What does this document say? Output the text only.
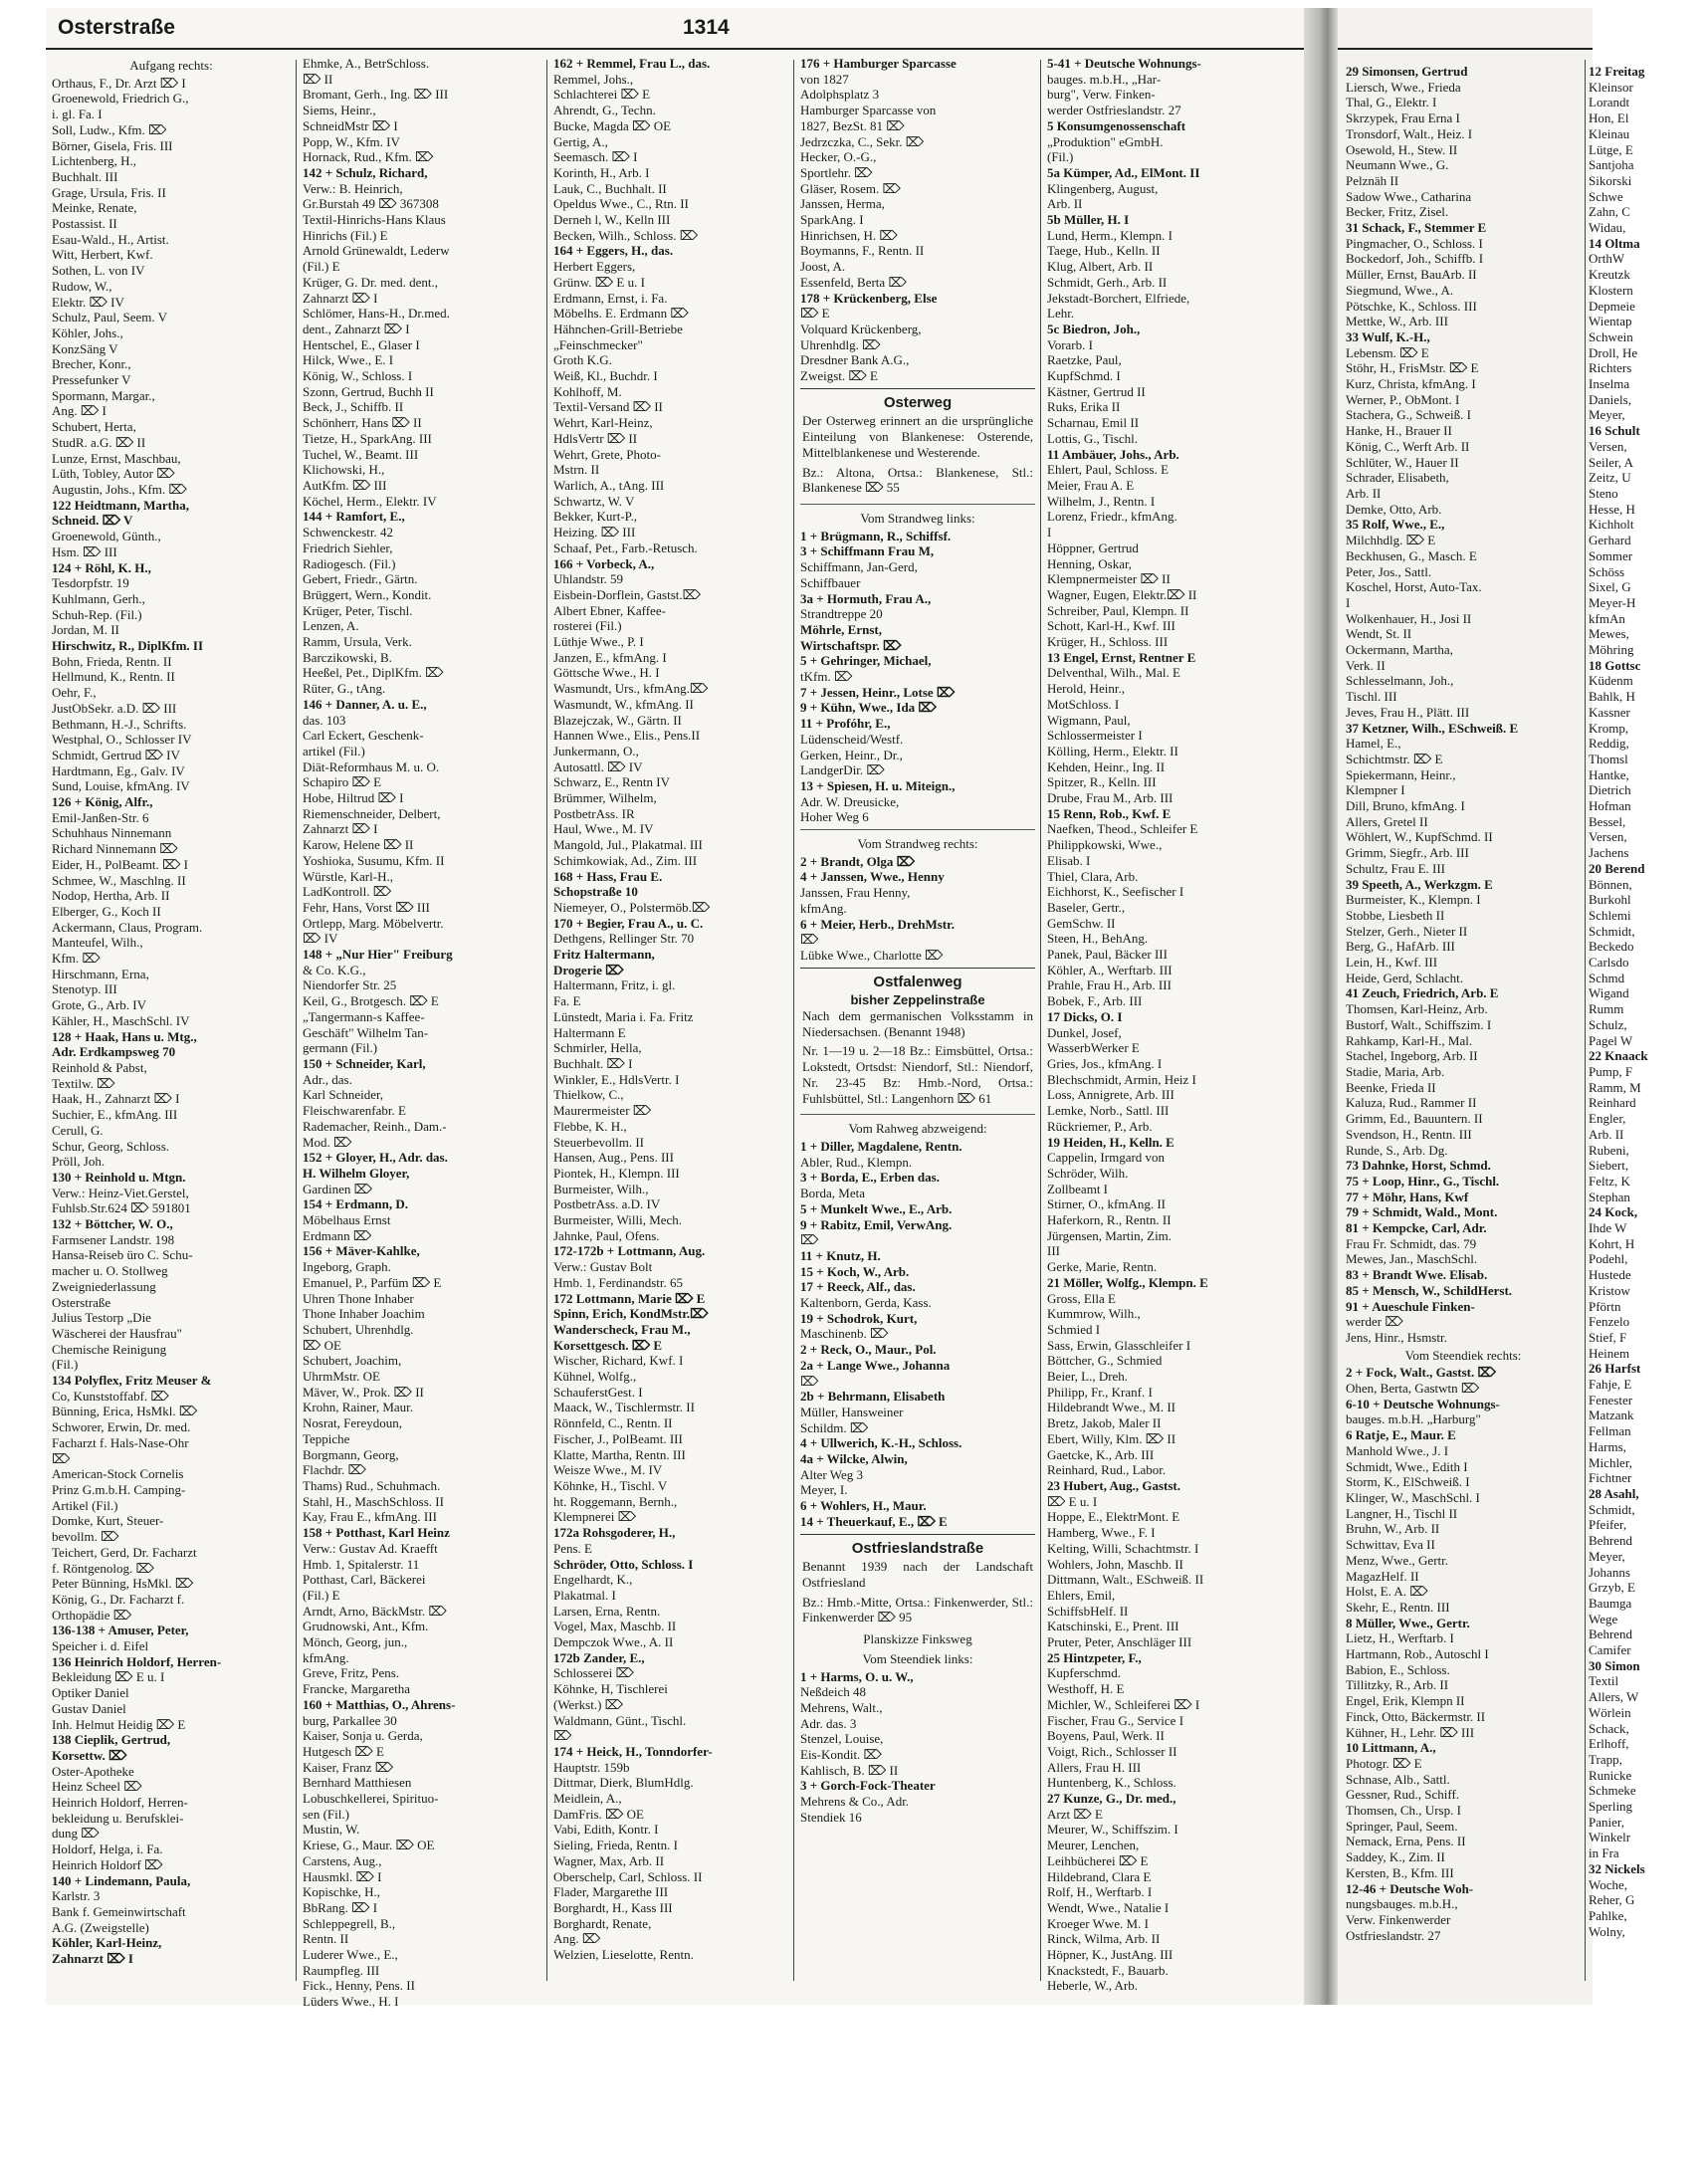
Osterstraße	1314
Aufgang rechts:
Orthaus, F., Dr. Arzt ⌦ I
Groenewold, Friedrich G.,
i. gl. Fa. I
Soll, Ludw., Kfm. ⌦
Börner, Gisela, Fris. III
Lichtenberg, H.,
Buchhalt. III
Grage, Ursula, Fris. II
Meinke, Renate,
Postassist. II
Esau-Wald., H., Artist.
Witt, Herbert, Kwf.
Sothen, L. von IV
Rudow, W.,
Elektr. ⌦ IV
Schulz, Paul, Seem. V
Köhler, Johs.,
KonzSäng V
Brecher, Konr.,
Pressefunker V
Spormann, Margar.,
Ang. ⌦ I
Schubert, Herta,
StudR. a.G. ⌦ II
Lunze, Ernst, Maschbau,
Lüth, Tobley, Autor ⌦
Augustin, Johs., Kfm. ⌦
122 Heidtmann, Martha,
Schneid. ⌦ V
Groenewold, Günth.,
Hsm. ⌦ III
124 + Röhl, K. H.,
Tesdorpfstr. 19
Kuhlmann, Gerh.,
Schuh-Rep. (Fil.)
Jordan, M. II
Hirschwitz, R., DiplKfm. II
Bohn, Frieda, Rentn. II
Hellmund, K., Rentn. II
Oehr, F.,
JustObSekr. a.D. ⌦ III
Bethmann, H.-J., Schrifts.
Westphal, O., Schlosser IV
Schmidt, Gertrud ⌦ IV
Hardtmann, Eg., Galv. IV
Sund, Louise, kfmAng. IV
126 + König, Alfr.,
Emil-Janßen-Str. 6
Schuhhaus Ninnemann
Richard Ninnemann ⌦
Eider, H., PolBeamt. ⌦ I
Schmee, W., Maschlng. II
Nodop, Hertha, Arb. II
Elberger, G., Koch II
Ackermann, Claus, Program.
Manteufel, Wilh.,
Kfm. ⌦
Hirschmann, Erna,
Stenotyp. III
Grote, G., Arb. IV
Kähler, H., MaschSchl. IV
128 + Haak, Hans u. Mtg.,
Adr. Erdkampsweg 70
Reinhold & Pabst,
Textilw. ⌦
Haak, H., Zahnarzt ⌦ I
Suchier, E., kfmAng. III
Cerull, G.
Schur, Georg, Schloss.
Pröll, Joh.
130 + Reinhold u. Mtgn.
Verw.: Heinz-Viet.Gerstel,
Fuhlsb.Str.624 ⌦ 591801
132 + Böttcher, W. O.,
Farmsener Landstr. 198
Hansa-Reiseb üro C. Schu-
macher u. O. Stollweg
Zweigniederlassung
Osterstraße
Julius Testorp „Die
Wäscherei der Hausfrau"
Chemische Reinigung
(Fil.)
134 Polyflex, Fritz Meuser &
Co, Kunststoffabf. ⌦
Bünning, Erica, HsMkl. ⌦
Schworer, Erwin, Dr. med.
Facharzt f. Hals-Nase-Ohr
⌦
American-Stock Cornelis
Prinz G.m.b.H. Camping-
Artikel (Fil.)
Domke, Kurt, Steuer-
bevollm. ⌦
Teichert, Gerd, Dr. Facharzt
f. Röntgenolog. ⌦
Peter Bünning, HsMkl. ⌦
König, G., Dr. Facharzt f.
Orthopädie ⌦
136-138 + Amuser, Peter,
Speicher i. d. Eifel
136 Heinrich Holdorf, Herren-
Bekleidung ⌦ E u. I
Optiker Daniel
Gustav Daniel
Inh. Helmut Heidig ⌦ E
138 Cieplik, Gertrud,
Korsettw. ⌦
Oster-Apotheke
Heinz Scheel ⌦
Heinrich Holdorf, Herren-
bekleidung u. Berufsklei-
dung ⌦
Holdorf, Helga, i. Fa.
Heinrich Holdorf ⌦
140 + Lindemann, Paula,
Karlstr. 3
Bank f. Gemeinwirtschaft
A.G. (Zweigstelle)
Köhler, Karl-Heinz,
Zahnarzt ⌦ I
Ehmke, A., BetrSchloss.
⌦ II
Bromant, Gerh., Ing. ⌦ III
Siems, Heinr.,
SchneidMstr ⌦ I
Popp, W., Kfm. IV
Hornack, Rud., Kfm. ⌦
142 + Schulz, Richard,
Verw.: B. Heinrich,
Gr.Burstah 49 ⌦ 367308
Textil-Hinrichs-Hans Klaus
Hinrichs (Fil.) E
Arnold Grünewaldt, Lederw
(Fil.) E
Krüger, G. Dr. med. dent.,
Zahnarzt ⌦ I
Schlömer, Hans-H., Dr.med.
dent., Zahnarzt ⌦ I
Hentschel, E., Glaser I
Hilck, Wwe., E. I
König, W., Schloss. I
Szonn, Gertrud, Buchh II
Beck, J., Schiffb. II
Schönherr, Hans ⌦ II
Tietze, H., SparkAng. III
Tuchel, W., Beamt. III
Klichowski, H.,
AutKfm. ⌦ III
Köchel, Herm., Elektr. IV
144 + Ramfort, E.,
Schwenckestr. 42
Friedrich Siehler,
Radiogesch. (Fil.)
Gebert, Friedr., Gärtn.
Brüggert, Wern., Kondit.
Krüger, Peter, Tischl.
Lenzen, A.
Ramm, Ursula, Verk.
Barczikowski, B.
Heeßel, Pet., DiplKfm. ⌦
Rüter, G., tAng.
146 + Danner, A. u. E.,
das. 103
Carl Eckert, Geschenk-
artikel (Fil.)
Diät-Reformhaus M. u. O.
Schapiro ⌦ E
Hobe, Hiltrud ⌦ I
Riemenschneider, Delbert,
Zahnarzt ⌦ I
Karow, Helene ⌦ II
Yoshioka, Susumu, Kfm. II
Würstle, Karl-H.,
LadKontroll. ⌦
Fehr, Hans, Vorst ⌦ III
Ortlepp, Marg. Möbelvertr.
⌦ IV
148 + „Nur Hier" Freiburg
& Co. K.G.,
Niendorfer Str. 25
Keil, G., Brotgesch. ⌦ E
„Tangermann-s Kaffee-
Geschäft" Wilhelm Tan-
germann (Fil.)
150 + Schneider, Karl,
Adr., das.
Karl Schneider,
Fleischwarenfabr. E
Rademacher, Reinh., Dam.-
Mod. ⌦
152 + Gloyer, H., Adr. das.
H. Wilhelm Gloyer,
Gardinen ⌦
154 + Erdmann, D.
Möbelhaus Ernst
Erdmann ⌦
156 + Mäver-Kahlke,
Ingeborg, Graph.
Emanuel, P., Parfüm ⌦ E
Uhren Thone Inhaber
Thone Inhaber Joachim
Schubert, Uhrenhdlg.
⌦ OE
Schubert, Joachim,
UhrmMstr. OE
Mäver, W., Prok. ⌦ II
Krohn, Rainer, Maur.
Nosrat, Fereydoun,
Teppiche
Borgmann, Georg,
Flachdr. ⌦
Thams) Rud., Schuhmach.
Stahl, H., MaschSchloss. II
Kay, Frau E., kfmAng. III
158 + Potthast, Karl Heinz
Verw.: Gustav Ad. Kraefft
Hmb. 1, Spitalerstr. 11
Potthast, Carl, Bäckerei
(Fil.) E
Arndt, Arno, BäckMstr. ⌦
Grudnowski, Ant., Kfm.
Mönch, Georg, jun.,
kfmAng.
Greve, Fritz, Pens.
Francke, Margaretha
160 + Matthias, O., Ahrens-
burg, Parkallee 30
Kaiser, Sonja u. Gerda,
Hutgesch ⌦ E
Kaiser, Franz ⌦
Bernhard Matthiesen
Lobuschkellerei, Spirituo-
sen (Fil.)
Mustin, W.
Kriese, G., Maur. ⌦ OE
Carstens, Aug.,
Hausmkl. ⌦ I
Kopischke, H.,
BbRang. ⌦ I
Schleppegrell, B.,
Rentn. II
Luderer Wwe., E.,
Raumpfleg. III
Fick., Henny, Pens. II
Lüders Wwe., H. I
162 + Remmel, Frau L., das.
Remmel, Johs.,
Schlachterei ⌦ E
Ahrendt, G., Techn.
Bucke, Magda ⌦ OE
Gertig, A.,
Seemasch. ⌦ I
Korinth, H., Arb. I
Lauk, C., Buchhalt. II
Opeldus Wwe., C., Rtn. II
Derneh l, W., Kelln III
Becken, Wilh., Schloss. ⌦
164 + Eggers, H., das.
Herbert Eggers,
Grünw. ⌦ E u. I
Erdmann, Ernst, i. Fa.
Möbelhs. E. Erdmann ⌦
Hähnchen-Grill-Betriebe
„Feinschmecker"
Groth K.G.
Weiß, Kl., Buchdr. I
Kohlhoff, M.
Textil-Versand ⌦ II
Wehrt, Karl-Heinz,
HdlsVertr ⌦ II
Wehrt, Grete, Photo-
Mstrn. II
Warlich, A., tAng. III
Schwartz, W. V
Bekker, Kurt-P.,
Heizing. ⌦ III
Schaaf, Pet., Farb.-Retusch.
166 + Vorbeck, A.,
Uhlandstr. 59
Eisbein-Dorflein, Gastst.⌦
Albert Ebner, Kaffee-
rosterei (Fil.)
Lüthje Wwe., P. I
Janzen, E., kfmAng. I
Göttsche Wwe., H. I
Wasmundt, Urs., kfmAng.⌦
Wasmundt, W., kfmAng. II
Blazejczak, W., Gärtn. II
Hannen Wwe., Elis., Pens.II
Junkermann, O.,
Autosattl. ⌦ IV
Schwarz, E., Rentn IV
Brümmer, Wilhelm,
PostbetrAss. IR
Haul, Wwe., M. IV
Mangold, Jul., Plakatmal. III
Schimkowiak, Ad., Zim. III
168 + Hass, Frau E.
Schopstraße 10
Niemeyer, O., Polstermöb.⌦
170 + Begier, Frau A., u. C.
Dethgens, Rellinger Str. 70
Fritz Haltermann,
Drogerie ⌦
Haltermann, Fritz, i. gl.
Fa. E
Lünstedt, Maria i. Fa. Fritz
Haltermann E
Schmirler, Hella,
Buchhalt. ⌦ I
Winkler, E., HdlsVertr. I
Thielkow, C.,
Maurermeister ⌦
Flebbe, K. H.,
Steuerbevollm. II
Hansen, Aug., Pens. III
Piontek, H., Klempn. III
Burmeister, Wilh.,
PostbetrAss. a.D. IV
Burmeister, Willi, Mech.
Jahnke, Paul, Ofens.
172-172b + Lottmann, Aug.
Verw.: Gustav Bolt
Hmb. 1, Ferdinandstr. 65
172 Lottmann, Marie ⌦ E
Spinn, Erich, KondMstr.⌦
Wanderscheck, Frau M.,
Korsettgesch. ⌦ E
Wischer, Richard, Kwf. I
Kühnel, Wolfg.,
SchauferstGest. I
Maack, W., Tischlermstr. II
Rönnfeld, C., Rentn. II
Fischer, J., PolBeamt. III
Klatte, Martha, Rentn. III
Weisze Wwe., M. IV
Köhnke, H., Tischl. V
ht. Roggemann, Bernh.,
Klempnerei ⌦
172a Rohsgoderer, H.,
Pens. E
Schröder, Otto, Schloss. I
Engelhardt, K.,
Plakatmal. I
Larsen, Erna, Rentn.
Vogel, Max, Maschb. II
Dempczok Wwe., A. II
172b Zander, E.,
Schlosserei ⌦
Köhnke, H, Tischlerei
(Werkst.) ⌦
Waldmann, Günt., Tischl.
⌦
174 + Heick, H., Tonndorfer-
Hauptstr. 159b
Dittmar, Dierk, BlumHdlg.
Meidlein, A.,
DamFris. ⌦ OE
Vabi, Edith, Kontr. I
Sieling, Frieda, Rentn. I
Wagner, Max, Arb. II
Oberschelp, Carl, Schloss. II
Flader, Margarethe III
Borghardt, H., Kass III
Borghardt, Renate,
Ang. ⌦
Welzien, Lieselotte, Rentn.
176 + Hamburger Sparcasse
von 1827
Adolphsplatz 3
Hamburger Sparcasse von
1827, BezSt. 81 ⌦
Jedrzczka, C., Sekr. ⌦
Hecker, O.-G.,
Sportlehr. ⌦
Gläser, Rosem. ⌦
Janssen, Herma,
SparkAng. I
Hinrichsen, H. ⌦
Boymanns, F., Rentn. II
Joost, A.
Essenfeld, Berta ⌦
178 + Krückenberg, Else
⌦ E
Volquard Krückenberg,
Uhrenhdlg. ⌦
Dresdner Bank A.G.,
Zweigst. ⌦ E
Osterweg
Der Osterweg erinnert an die ursprüngliche Einteilung von Blankenese: Osterende, Mittelblankenese und Westerende.
Bz.: Altona, Ortsa.: Blankenese, Stl.: Blankenese ⌦ 55
Vom Strandweg links:
1 + Brügmann, R., Schiffsf.
3 + Schiffmann Frau M,
Schiffmann, Jan-Gerd,
Schiffbauer
3a + Hormuth, Frau A.,
Strandtreppe 20
Möhrle, Ernst,
Wirtschaftspr. ⌦
5 + Gehringer, Michael,
tKfm. ⌦
7 + Jessen, Heinr., Lotse ⌦
9 + Kühn, Wwe., Ida ⌦
11 + Profóhr, E.,
Lüdenscheid/Westf.
Gerken, Heinr., Dr.,
LandgerDir. ⌦
13 + Spiesen, H. u. Miteign.,
Adr. W. Dreusicke,
Hoher Weg 6
Vom Strandweg rechts:
2 + Brandt, Olga ⌦
4 + Janssen, Wwe., Henny
Janssen, Frau Henny,
kfmAng.
6 + Meier, Herb., DrehMstr.
⌦
Lübke Wwe., Charlotte ⌦
Ostfalenweg
bisher Zeppelinstraße
Nach dem germanischen Volksstamm in Niedersachsen. (Benannt 1948)
Nr. 1—19 u. 2—18 Bz.: Eimsbüttel, Ortsa.: Lokstedt, Ortsdst: Niendorf, Stl.: Niendorf, Nr. 23-45 Bz: Hmb.-Nord, Ortsa.: Fuhlsbüttel, Stl.: Langenhorn ⌦ 61
Vom Rahweg abzweigend:
1 + Diller, Magdalene, Rentn.
Abler, Rud., Klempn.
3 + Borda, E., Erben das.
Borda, Meta
5 + Munkelt Wwe., E., Arb.
9 + Rabitz, Emil, VerwAng.
⌦
11 + Knutz, H.
15 + Koch, W., Arb.
17 + Reeck, Alf., das.
Kaltenborn, Gerda, Kass.
19 + Schodrok, Kurt,
Maschinenb. ⌦
2 + Reck, O., Maur., Pol.
2a + Lange Wwe., Johanna
⌦
2b + Behrmann, Elisabeth
Müller, Hansweiner
Schildm. ⌦
4 + Ullwerich, K.-H., Schloss.
4a + Wilcke, Alwin,
Alter Weg 3
Meyer, I.
6 + Wohlers, H., Maur.
14 + Theuerkauf, E., ⌦ E
Ostfrieslandstraße
Benannt 1939 nach der Landschaft Ostfriesland
Bz.: Hmb.-Mitte, Ortsa.: Finkenwerder, Stl.: Finkenwerder ⌦ 95
Planskizze Finksweg
Vom Steendiek links:
1 + Harms, O. u. W.,
Neßdeich 48
Mehrens, Walt.,
Adr. das. 3
Stenzel, Louise,
Eis-Kondit. ⌦
Kahlisch, B. ⌦ II
3 + Gorch-Fock-Theater
Mehrens & Co., Adr.
Stendiek 16
5-41 + Deutsche Wohnungs-
bauges. m.b.H., „Har-
burg", Verw. Finken-
werder Ostfrieslandstr. 27
5 Konsumgenossenschaft
„Produktion" eGmbH.
(Fil.)
5a Kümper, Ad., ElMont. II
Klingenberg, August,
Arb. II
5b Müller, H. I
Lund, Herm., Klempn. I
Taege, Hub., Kelln. II
Klug, Albert, Arb. II
Schmidt, Gerh., Arb. II
Jekstadt-Borchert, Elfriede,
Lehr.
5c Biedron, Joh.,
Vorarb. I
Raetzke, Paul,
KupfSchmd. I
Kästner, Gertrud II
Ruks, Erika II
Scharnau, Emil II
Lottis, G., Tischl.
11 Ambäuer, Johs., Arb.
Ehlert, Paul, Schloss. E
Meier, Frau A. E
Wilhelm, J., Rentn. I
Lorenz, Friedr., kfmAng.
I
Höppner, Gertrud
Henning, Oskar,
Klempnermeister ⌦ II
Wagner, Eugen, Elektr.⌦ II
Schreiber, Paul, Klempn. II
Schott, Karl-H., Kwf. III
Krüger, H., Schloss. III
13 Engel, Ernst, Rentner E
Delventhal, Wilh., Mal. E
Herold, Heinr.,
MotSchloss. I
Wigmann, Paul,
Schlossermeister I
Kölling, Herm., Elektr. II
Kehden, Heinr., Ing. II
Spitzer, R., Kelln. III
Drube, Frau M., Arb. III
15 Renn, Rob., Kwf. E
Naefken, Theod., Schleifer E
Philippkowski, Wwe.,
Elisab. I
Thiel, Clara, Arb.
Eichhorst, K., Seefischer I
Baseler, Gertr.,
GemSchw. II
Steen, H., BehAng.
Panek, Paul, Bäcker III
Köhler, A., Werftarb. III
Prahle, Frau H., Arb. III
Bobek, F., Arb. III
17 Dicks, O. I
Dunkel, Josef,
WasserbWerker E
Gries, Jos., kfmAng. I
Blechschmidt, Armin, Heiz I
Loss, Annigrete, Arb. III
Lemke, Norb., Sattl. III
Rückriemer, P., Arb.
19 Heiden, H., Kelln. E
Cappelin, Irmgard von
Schröder, Wilh.
Zollbeamt I
Stirner, O., kfmAng. II
Haferkorn, R., Rentn. II
Jürgensen, Martin, Zim.
III
Gerke, Marie, Rentn.
21 Möller, Wolfg., Klempn. E
Gross, Ella E
Kummrow, Wilh.,
Schmied I
Sass, Erwin, Glasschleifer I
Böttcher, G., Schmied
Beier, L., Dreh.
Philipp, Fr., Kranf. I
Hildebrandt Wwe., M. II
Bretz, Jakob, Maler II
Ebert, Willy, Klm. ⌦ II
Gaetcke, K., Arb. III
Reinhard, Rud., Labor.
23 Hubert, Aug., Gastst.
⌦ E u. I
Hoppe, E., ElektrMont. E
Hamberg, Wwe., F. I
Kelting, Willi, Schachtmstr. I
Wohlers, John, Maschb. II
Dittmann, Walt., ESchweiß. II
Ehlers, Emil,
SchiffsbHelf. II
Katschinski, E., Prent. III
Pruter, Peter, Anschläger III
25 Hintzpeter, F.,
Kupferschmd.
Westhoff, H. E
Michler, W., Schleiferei ⌦ I
Fischer, Frau G., Service I
Boyens, Paul, Werk. II
Voigt, Rich., Schlosser II
Allers, Frau H. III
Huntenberg, K., Schloss.
27 Kunze, G., Dr. med.,
Arzt ⌦ E
Meurer, W., Schiffszim. I
Meurer, Lenchen,
Leihbücherei ⌦ E
Hildebrand, Clara E
Rolf, H., Werftarb. I
Wendt, Wwe., Natalie I
Kroeger Wwe. M. I
Rinck, Wilma, Arb. II
Höpner, K., JustAng. III
Knackstedt, F., Bauarb.
Heberle, W., Arb.
29 Simonsen, Gertrud
Liersch, Wwe., Frieda
Thal, G., Elektr. I
Skrzypek, Frau Erna I
Tronsdorf, Walt., Heiz. I
Osewold, H., Stew. II
Neumann Wwe., G.
Pelznäh II
Sadow Wwe., Catharina
Becker, Fritz, Zisel.
31 Schack, F., Stemmer E
Pingmacher, O., Schloss. I
Bockedorf, Joh., Schiffb. I
Müller, Ernst, BauArb. II
Siegmund, Wwe., A.
Pötschke, K., Schloss. III
Mettke, W., Arb. III
33 Wulf, K.-H.,
Lebensm. ⌦ E
Stöhr, H., FrisMstr. ⌦ E
Kurz, Christa, kfmAng. I
Werner, P., ObMont. I
Stachera, G., Schweiß. I
Hanke, H., Brauer II
König, C., Werft Arb. II
Schlüter, W., Hauer II
Schrader, Elisabeth,
Arb. II
Demke, Otto, Arb.
35 Rolf, Wwe., E.,
Milchhdlg. ⌦ E
Beckhusen, G., Masch. E
Peter, Jos., Sattl.
Koschel, Horst, Auto-Tax.
I
Wolkenhauer, H., Josi II
Wendt, St. II
Ockermann, Martha,
Verk. II
Schlesselmann, Joh.,
Tischl. III
Jeves, Frau H., Plätt. III
37 Ketzner, Wilh., ESchweiß. E
Hamel, E.,
Schichtmstr. ⌦ E
Spiekermann, Heinr.,
Klempner I
Dill, Bruno, kfmAng. I
Allers, Gretel II
Wöhlert, W., KupfSchmd. II
Grimm, Siegfr., Arb. III
Schultz, Frau E. III
39 Speeth, A., Werkzgm. E
Burmeister, K., Klempn. I
Stobbe, Liesbeth II
Stelzer, Gerh., Nieter II
Berg, G., HafArb. III
Lein, H., Kwf. III
Heide, Gerd, Schlacht.
41 Zeuch, Friedrich, Arb. E
Thomsen, Karl-Heinz, Arb.
Bustorf, Walt., Schiffszim. I
Rahkamp, Karl-H., Mal.
Stachel, Ingeborg, Arb. II
Stadie, Maria, Arb.
Beenke, Frieda II
Kaluza, Rud., Rammer II
Grimm, Ed., Bauuntern. II
Svendson, H., Rentn. III
Runde, S., Arb. Dg.
73 Dahnke, Horst, Schmd.
75 + Loop, Hinr., G., Tischl.
77 + Möhr, Hans, Kwf
79 + Schmidt, Wald., Mont.
81 + Kempcke, Carl, Adr.
Frau Fr. Schmidt, das. 79
Mewes, Jan., MaschSchl.
83 + Brandt Wwe. Elisab.
85 + Mensch, W., SchildHerst.
91 + Aueschule Finken-
werder ⌦
Jens, Hinr., Hsmstr.
Vom Steendiek rechts:
2 + Fock, Walt., Gastst. ⌦
Ohen, Berta, Gastwtn ⌦
6-10 + Deutsche Wohnungs-
bauges. m.b.H. „Harburg"
6 Ratje, E., Maur. E
Manhold Wwe., J. I
Schmidt, Wwe., Edith I
Storm, K., ElSchweiß. I
Klinger, W., MaschSchl. I
Langner, H., Tischl II
Bruhn, W., Arb. II
Schwittav, Eva II
Menz, Wwe., Gertr.
MagazHelf. II
Holst, E. A. ⌦
Skehr, E., Rentn. III
8 Müller, Wwe., Gertr.
Lietz, H., Werftarb. I
Hartmann, Rob., Autoschl I
Babion, E., Schloss.
Tillitzky, R., Arb. II
Engel, Erik, Klempn II
Finck, Otto, Bäckermstr. II
Kühner, H., Lehr. ⌦ III
10 Littmann, A.,
Photogr. ⌦ E
Schnase, Alb., Sattl.
Gessner, Rud., Schiff.
Thomsen, Ch., Ursp. I
Springer, Paul, Seem.
Nemack, Erna, Pens. II
Saddey, K., Zim. II
Kersten, B., Kfm. III
12-46 + Deutsche Woh-
nungsbauges. m.b.H.,
Verw. Finkenwerder
Ostfrieslandstr. 27
12 Freitag
Kleinsor
Lorandt
Hon, El
Kleinau
Lütge, E
Santjoha
Sikorski
Schwe
Zahn, C
Widau,
14 Oltma
OrthW
Kreutzk
Klostern
Depmeie
Wientap
Schwein
Droll, He
Richters
Inselma
Daniels,
Meyer,
16 Schult
Versen,
Seiler, A
Zeitz, U
Steno
Hesse, H
Kichholt
Gerhard
Sommer
Schöss
Sixel, G
Meyer-H
kfmAn
Mewes,
Möhring
18 Gottsc
Küdenm
Bahlk, H
Kassner
Kromp,
Reddig,
Thomsl
Hantke,
Dietrich
Hofman
Bessel,
Versen,
Jachens
20 Berend
Bönnen,
Burkohl
Schlemi
Schmidt,
Beckedo
Carlsdo
Schmd
Wigand
Rumm
Schulz,
Pagel W
22 Knaack
Pump, F
Ramm, M
Reinhard
Engler,
Arb. II
Rubeni,
Siebert,
Feltz, K
Stephan
24 Kock,
Ihde W
Kohrt, H
Podehl,
Hustede
Kristow
Pförtn
Fenzelo
Stief, F
Heinem
26 Harfst
Fahje, E
Fenester
Matzank
Fellman
Harms,
Michler,
Fichtner
28 Asahl,
Schmidt,
Pfeifer,
Behrend
Meyer,
Johanns
Grzyb, E
Baumga
Wege
Behrend
Camifer
30 Simon
Textil
Allers, W
Wörlein
Schack,
Erlhoff,
Trapp,
Runicke
Schmeke
Sperling
Panier,
Winkelr
in Fra
32 Nickels
Woche,
Reher, G
Pahlke,
Wolny,
